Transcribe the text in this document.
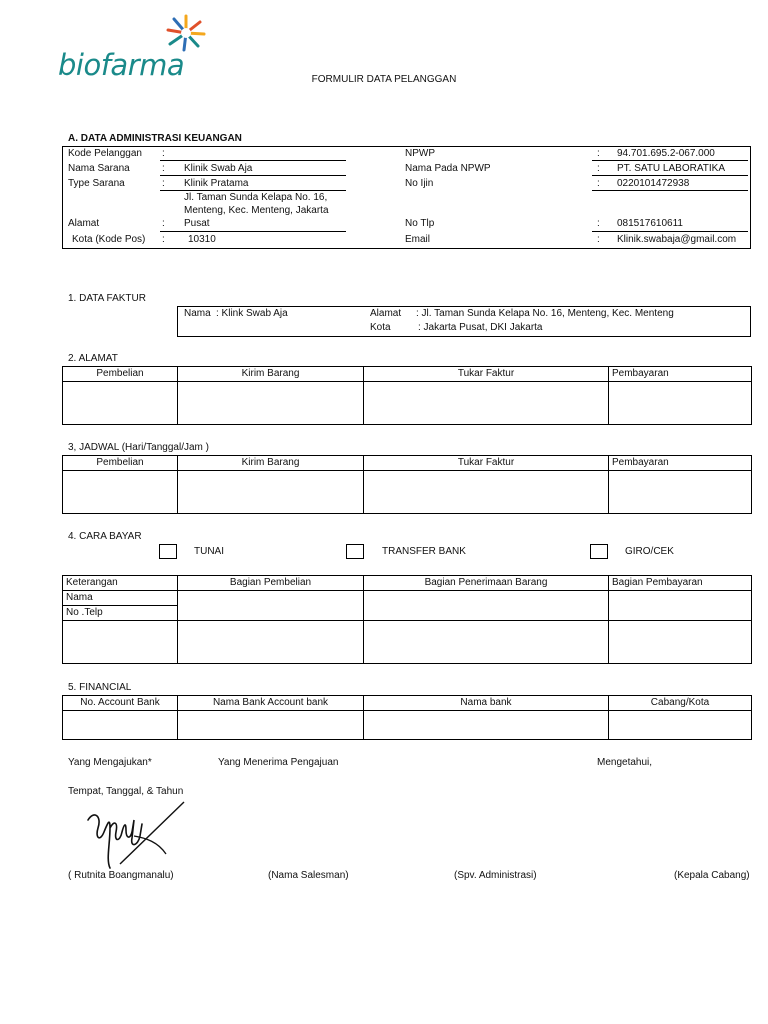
biofarma	FORMULIR DATA PELANGGAN
A. DATA ADMINISTRASI KEUANGAN
Kode Pelanggan :
Nama Sarana	: Klinik Swab Aja
Type Sarana	: Klinik Pratama
Jl. Taman Sunda Kelapa No. 16,
Menteng, Kec. Menteng, Jakarta
Alamat	: Pusat
Kota (Kode Pos) : 10310
NPWP	: 94.701.695.2-067.000
Nama Pada NPWP	: PT. SATU LABORATIKA
No Ijin	: 0220101472938
No Tlp	: 081517610611
Email	: Klinik.swabaja@gmail.com
1. DATA FAKTUR
Nama : Klink Swab Aja	Alamat : Jl. Taman Sunda Kelapa No. 16, Menteng, Kec. Menteng
Kota	: Jakarta Pusat, DKI Jakarta
2. ALAMAT
Pembelian	Kirim Barang	Tukar Faktur	Pembayaran

3, JADWAL (Hari/Tanggal/Jam )
Pembelian	Kirim Barang	Tukar Faktur	Pembayaran

4. CARA BAYAR
TUNAI	TRANSFER BANK	GIRO/CEK
Keterangan	Bagian Pembelian	Bagian Penerimaan Barang	Bagian Pembayaran
Nama			
No .Telp			

5. FINANCIAL
No. Account Bank	Nama Bank Account bank	Nama bank	Cabang/Kota

Yang Mengajukan*	Yang Menerima Pengajuan	Mengetahui,
Tempat, Tanggal, & Tahun
( Rutnita Boangmanalu)	(Nama Salesman)	(Spv. Administrasi)	(Kepala Cabang)
